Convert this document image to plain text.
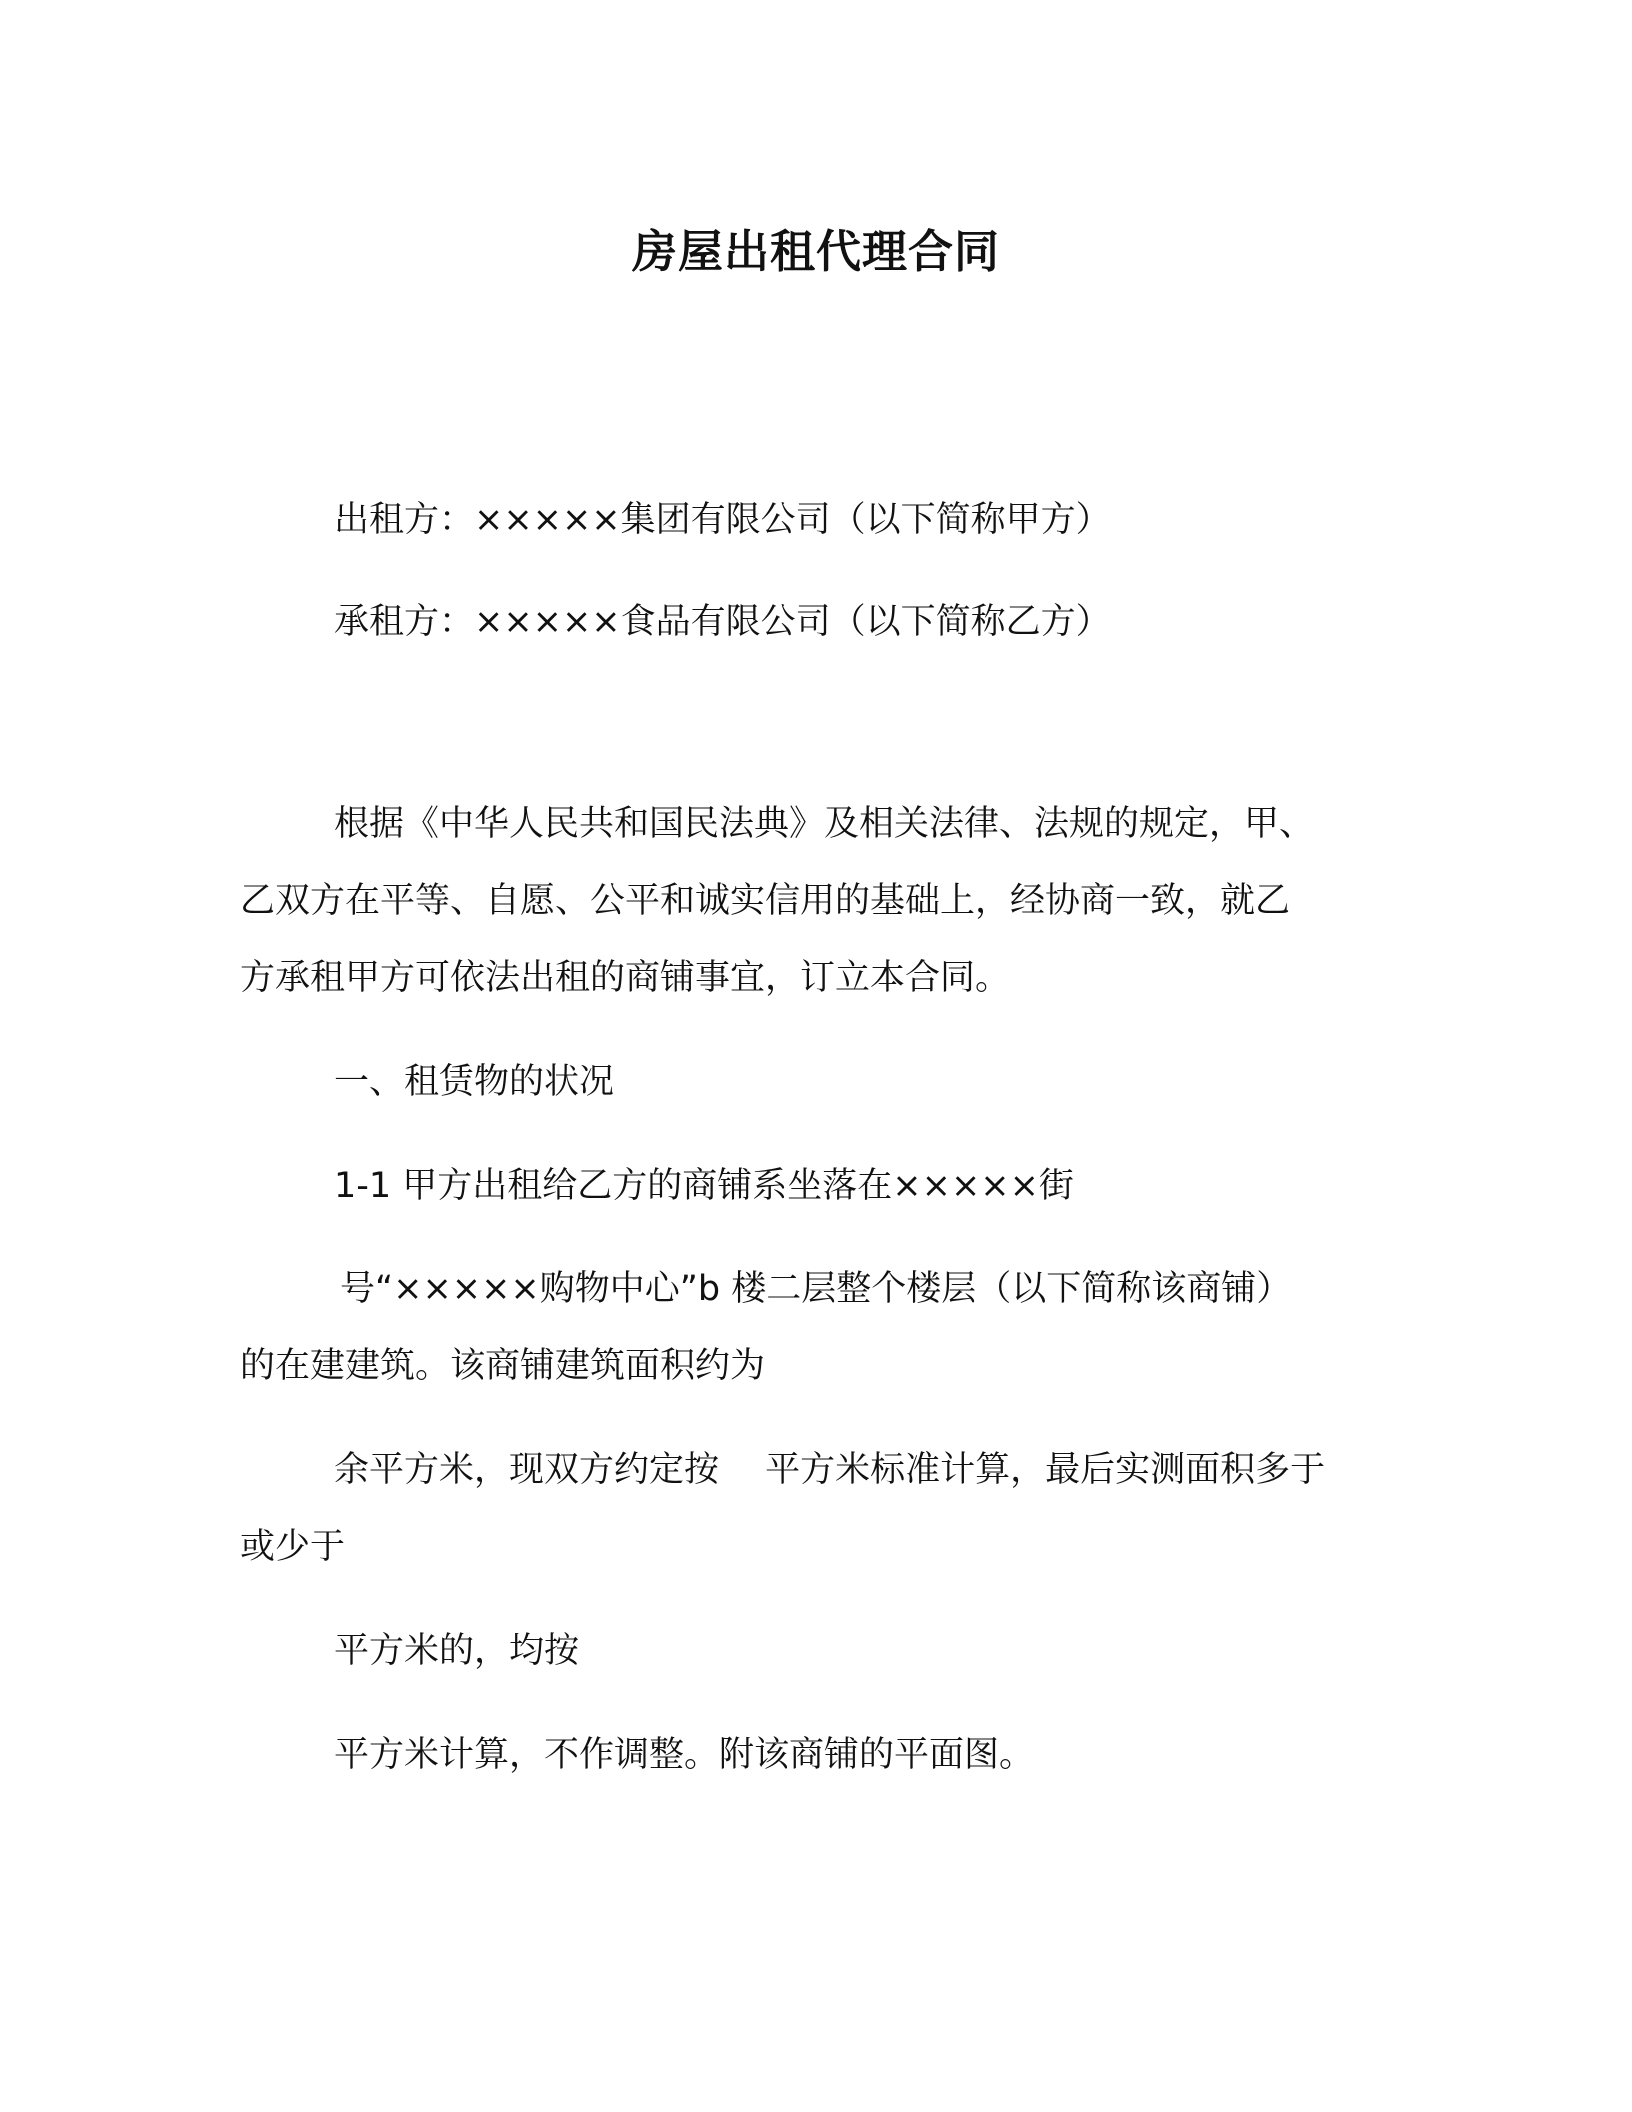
房屋出租代理合同
出租方：×××××集团有限公司（以下简称甲方）
承租方：×××××食品有限公司（以下简称乙方）
根据《中华人民共和国民法典》及相关法律、法规的规定，甲、
乙双方在平等、自愿、公平和诚实信用的基础上，经协商一致，就乙
方承租甲方可依法出租的商铺事宜，订立本合同。
一、租赁物的状况
1-1 甲方出租给乙方的商铺系坐落在×××××街
号“×××××购物中心”b 楼二层整个楼层（以下简称该商铺）
的在建建筑。该商铺建筑面积约为
余平方米，现双方约定按　 平方米标准计算，最后实测面积多于
或少于
平方米的，均按
平方米计算，不作调整。附该商铺的平面图。
